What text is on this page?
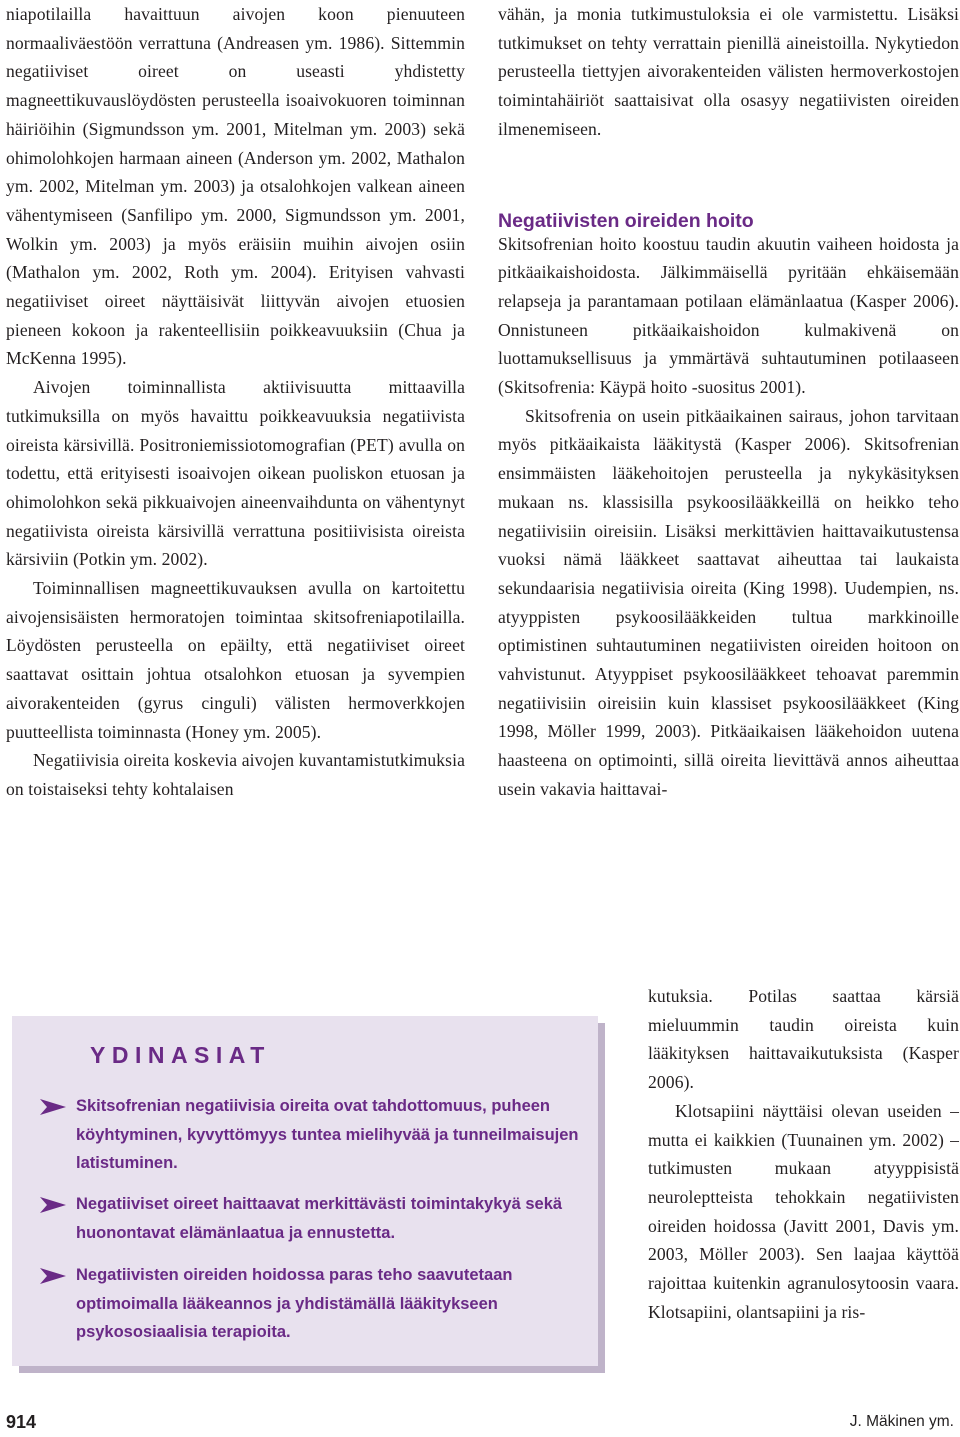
niapotilailla havaittuun aivojen koon pienuuteen normaaliväestöön verrattuna (Andreasen ym. 1986). Sittemmin negatiiviset oireet on useasti yhdistetty magneettikuvauslöydösten perusteella isoaivokuoren toiminnan häiriöihin (Sigmundsson ym. 2001, Mitelman ym. 2003) sekä ohimolohkojen harmaan aineen (Anderson ym. 2002, Mathalon ym. 2002, Mitelman ym. 2003) ja otsalohkojen valkean aineen vähentymiseen (Sanfilipo ym. 2000, Sigmundsson ym. 2001, Wolkin ym. 2003) ja myös eräisiin muihin aivojen osiin (Mathalon ym. 2002, Roth ym. 2004). Erityisen vahvasti negatiiviset oireet näyttäisivät liittyvän aivojen etuosien pieneen kokoon ja rakenteellisiin poikkeavuuksiin (Chua ja McKenna 1995).

Aivojen toiminnallista aktiivisuutta mittaavilla tutkimuksilla on myös havaittu poikkeavuuksia negatiivista oireista kärsivillä. Positroniemissiotomografian (PET) avulla on todettu, että erityisesti isoaivojen oikean puoliskon etuosan ja ohimolohkon sekä pikkuaivojen aineenvaihdunta on vähentynyt negatiivista oireista kärsivillä verrattuna positiivisista oireista kärsiviin (Potkin ym. 2002).

Toiminnallisen magneettikuvauksen avulla on kartoitettu aivojensisäisten hermoratojen toimintaa skitsofreniapotilailla. Löydösten perusteella on epäilty, että negatiiviset oireet saattavat osittain johtua otsalohkon etuosan ja syvempien aivorakenteiden (gyrus cinguli) välisten hermoverkkojen puutteellista toiminnasta (Honey ym. 2005).

Negatiivisia oireita koskevia aivojen kuvantamistutkimuksia on toistaiseksi tehty kohtalaisen

vähän, ja monia tutkimustuloksia ei ole varmistettu. Lisäksi tutkimukset on tehty verrattain pienillä aineistoilla. Nykytiedon perusteella tiettyjen aivorakenteiden välisten hermoverkostojen toimintahäiriöt saattaisivat olla osasyy negatiivisten oireiden ilmenemiseen.

Skitsofrenian hoito koostuu taudin akuutin vaiheen hoidosta ja pitkäaikaishoidosta. Jälkimmäisellä pyritään ehkäisemään relapseja ja parantamaan potilaan elämänlaatua (Kasper 2006). Onnistuneen pitkäaikaishoidon kulmakivenä on luottamuksellisuus ja ymmärtävä suhtautuminen potilaaseen (Skitsofrenia: Käypä hoito -suositus 2001).

Skitsofrenia on usein pitkäaikainen sairaus, johon tarvitaan myös pitkäaikaista lääkitystä (Kasper 2006). Skitsofrenian ensimmäisten lääkehoitojen perusteella ja nykykäsityksen mukaan ns. klassisilla psykoosilääkkeillä on heikko teho negatiivisiin oireisiin. Lisäksi merkittävien haittavaikutustensa vuoksi nämä lääkkeet saattavat aiheuttaa tai laukaista sekundaarisia negatiivisia oireita (King 1998). Uudempien, ns. atyyppisten psykoosilääkkeiden tultua markkinoille optimistinen suhtautuminen negatiivisten oireiden hoitoon on vahvistunut. Atyyppiset psykoosilääkkeet tehoavat paremmin negatiivisiin oireisiin kuin klassiset psykoosilääkkeet (King 1998, Möller 1999, 2003). Pitkäaikaisen lääkehoidon uutena haasteena on optimointi, sillä oireita lievittävä annos aiheuttaa usein vakavia haittavai-

Negatiivisten oireiden hoito

kutuksia. Potilas saattaa kärsiä mieluummin taudin oireista kuin lääkityksen haittavaikutuksista (Kasper 2006).

Klotsapiini näyttäisi olevan useiden – mutta ei kaikkien (Tuunainen ym. 2002) – tutkimusten mukaan atyyppisistä neuroleptteista tehokkain negatiivisten oireiden hoidossa (Javitt 2001, Davis ym. 2003, Möller 2003). Sen laajaa käyttöä rajoittaa kuitenkin agranulosytoosin vaara. Klotsapiini, olantsapiini ja ris-

YDINASIAT
Skitsofrenian negatiivisia oireita ovat tahdottomuus, puheen köyhtyminen, kyvyttömyys tuntea mielihyvää ja tunneilmaisujen latistuminen.
Negatiiviset oireet haittaavat merkittävästi toimintakykyä sekä huonontavat elämänlaatua ja ennustetta.
Negatiivisten oireiden hoidossa paras teho saavutetaan optimoimalla lääkeannos ja yhdistämällä lääkitykseen psykososiaalisia terapioita.
914	J. Mäkinen ym.
